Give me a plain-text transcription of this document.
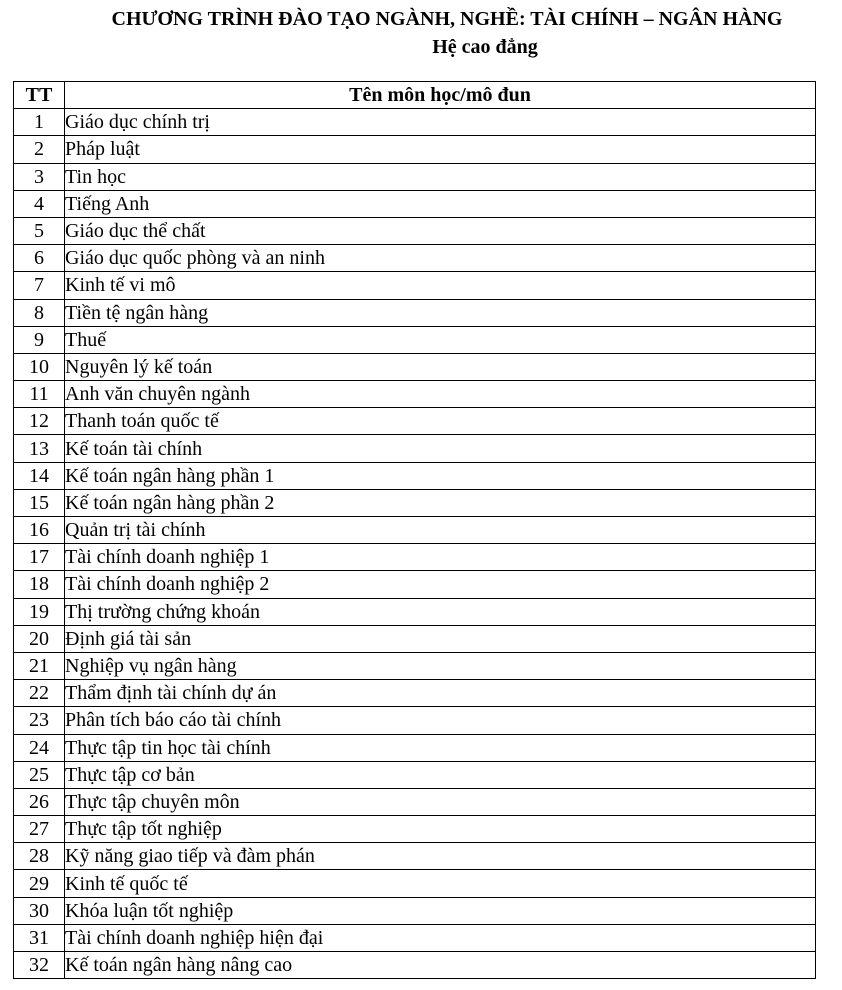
CHƯƠNG TRÌNH ĐÀO TẠO NGÀNH, NGHỀ: TÀI CHÍNH – NGÂN HÀNG
Hệ cao đẳng
TT	Tên môn học/mô đun
1	Giáo dục chính trị
2	Pháp luật
3	Tin học
4	Tiếng Anh
5	Giáo dục thể chất
6	Giáo dục quốc phòng và an ninh
7	Kinh tế vi mô
8	Tiền tệ ngân hàng
9	Thuế
10	Nguyên lý kế toán
11	Anh văn chuyên ngành
12	Thanh toán quốc tế
13	Kế toán tài chính
14	Kế toán ngân hàng phần 1
15	Kế toán ngân hàng phần 2
16	Quản trị tài chính
17	Tài chính doanh nghiệp 1
18	Tài chính doanh nghiệp 2
19	Thị trường chứng khoán
20	Định giá tài sản
21	Nghiệp vụ ngân hàng
22	Thẩm định tài chính dự án
23	Phân tích báo cáo tài chính
24	Thực tập tin học tài chính
25	Thực tập cơ bản
26	Thực tập chuyên môn
27	Thực tập tốt nghiệp
28	Kỹ năng giao tiếp và đàm phán
29	Kinh tế quốc tế
30	Khóa luận tốt nghiệp
31	Tài chính doanh nghiệp hiện đại
32	Kế toán ngân hàng nâng cao
